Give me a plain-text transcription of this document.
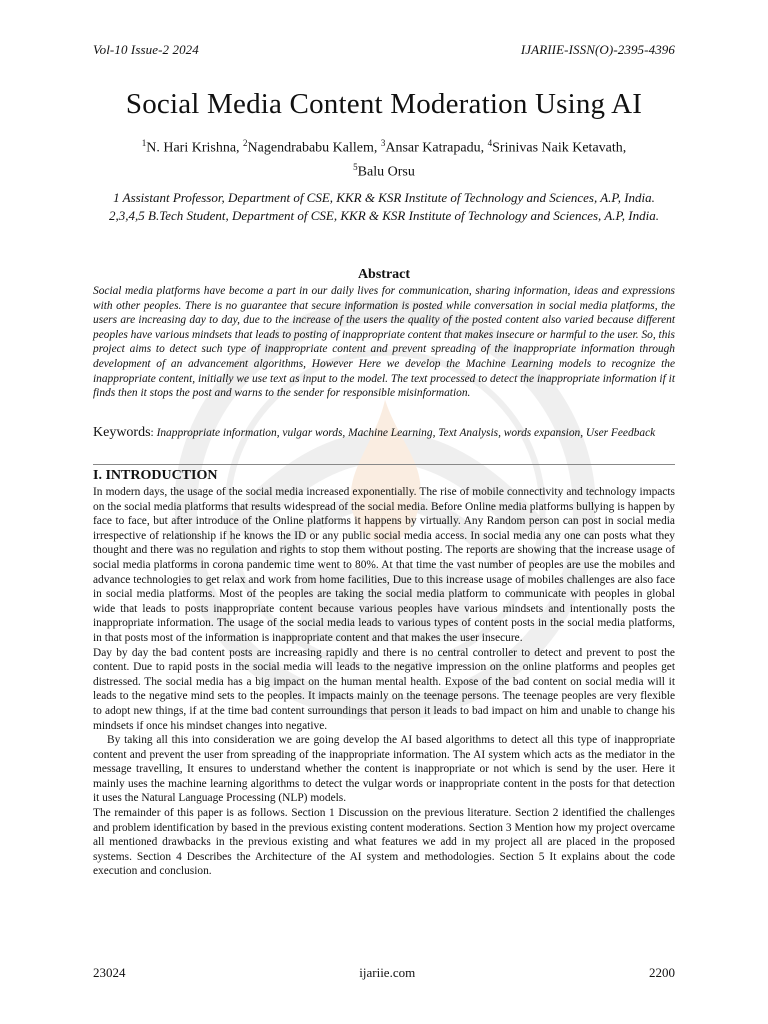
Vol-10 Issue-2 2024	IJARIIE-ISSN(O)-2395-4396
Social Media Content Moderation Using AI

$^1$N. Hari Krishna, $^2$Nagendrababu Kallem, $^3$Ansar Katrapadu, $^4$Srinivas Naik Ketavath,
$^5$Balu Orsu

1 Assistant Professor, Department of CSE, KKR & KSR Institute of Technology and Sciences, A.P, India.

2,3,4,5 B.Tech Student, Department of CSE, KKR & KSR Institute of Technology and Sciences, A.P, India.

Abstract

Social media platforms have become a part in our daily lives for communication, sharing information, ideas and expressions with other peoples. There is no guarantee that secure information is posted while conversation in social media platforms, the users are increasing day to day, due to the increase of the users the quality of the posted content also varied because different peoples have various mindsets that leads to posting of inappropriate content that makes insecure or harmful to the user. So, this project aims to detect such type of inappropriate content and prevent spreading of the inappropriate information through development of an advancement algorithms, However Here we develop the Machine Learning models to recognize the inappropriate content, initially we use text as input to the model. The text processed to detect the inappropriate information if it finds then it stops the post and warns to the sender for responsible misinformation.

Keywords: Inappropriate information, vulgar words, Machine Learning, Text Analysis, words expansion, User Feedback

I. INTRODUCTION

In modern days, the usage of the social media increased exponentially. The rise of mobile connectivity and technology impacts on the social media platforms that results widespread of the social media. Before Online media platforms bullying is happen by face to face, but after introduce of the Online platforms it happens by virtually. Any Random person can post in social media irrespective of relationship if he knows the ID or any public social media access. In social media any one can posts what they thought and there was no regulation and rights to stop them without posting. The reports are showing that the increase usage of social media platforms in corona pandemic time went to 80%. At that time the vast number of peoples are use the mobiles and advance technologies to get relax and work from home facilities, Due to this increase usage of mobiles challenges are also face in social media platforms. Most of the peoples are taking the social media platform to communicate with peoples in global wide that leads to posts inappropriate content because various peoples have various mindsets and intentionally posts the inappropriate information. The usage of the social media leads to various types of content posts in the social media platforms, in that posts most of the information is inappropriate content and that makes the user insecure.

Day by day the bad content posts are increasing rapidly and there is no central controller to detect and prevent to post the content. Due to rapid posts in the social media will leads to the negative impression on the online platforms and peoples get distressed. The social media has a big impact on the human mental health. Expose of the bad content on social media will it leads to the negative mind sets to the peoples. It impacts mainly on the teenage persons. The teenage peoples are very flexible to adopt new things, if at the time bad content surroundings that person it leads to bad impact on him and unable to change his mindsets if once his mindset changes into negative.

By taking all this into consideration we are going develop the AI based algorithms to detect all this type of inappropriate content and prevent the user from spreading of the inappropriate information. The AI system which acts as the mediator in the message travelling, It ensures to understand whether the content is inappropriate or not which is send by the user. Here it mainly uses the machine learning algorithms to detect the vulgar words or inappropriate content in the posts for that detection it uses the Natural Language Processing (NLP) models.

The remainder of this paper is as follows. Section 1 Discussion on the previous literature. Section 2 identified the challenges and problem identification by based in the previous existing content moderations. Section 3 Mention how my project overcame all mentioned drawbacks in the previous existing and what features we add in my project all are placed in the proposed systems. Section 4 Describes the Architecture of the AI system and methodologies. Section 5 It explains about the code execution and conclusion.

23024	ijariie.com	2200
